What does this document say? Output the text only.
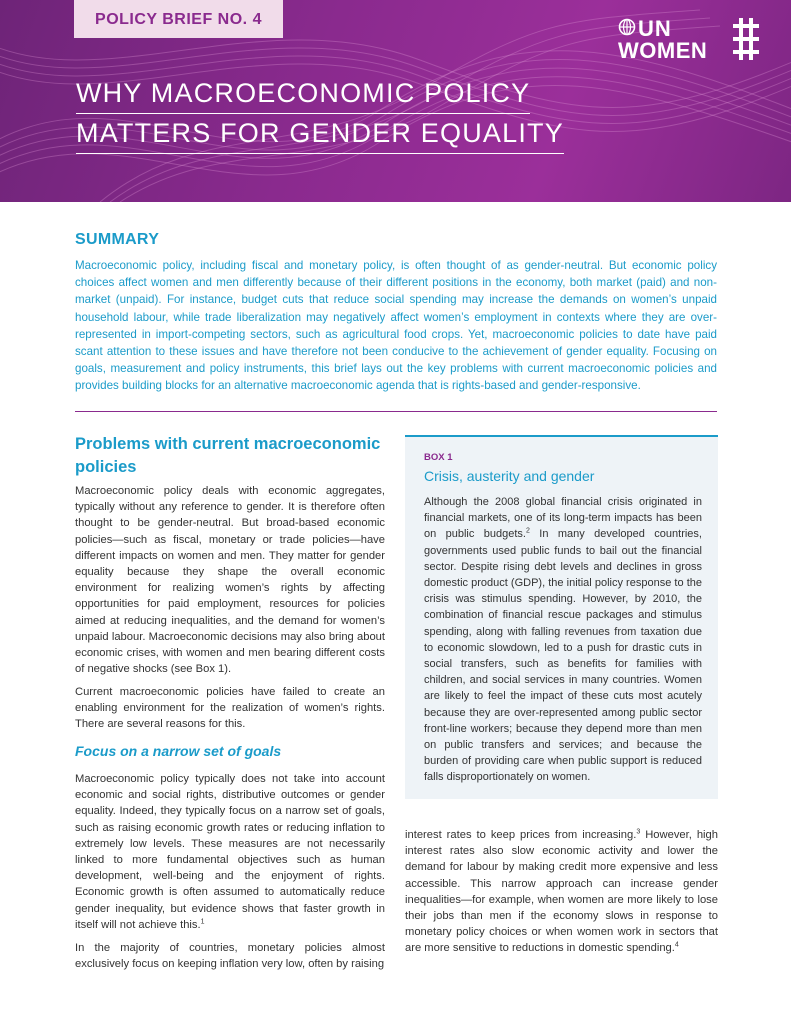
POLICY BRIEF NO. 4	UN
WOMEN
WHY MACROECONOMIC POLICY
MATTERS FOR GENDER EQUALITY
SUMMARY

Macroeconomic policy, including fiscal and monetary policy, is often thought of as gender-neutral. But economic policy choices affect women and men differently because of their different positions in the economy, both market (paid) and non-market (unpaid). For instance, budget cuts that reduce social spending may increase the demands on women’s unpaid household labour, while trade liberalization may negatively affect women’s employment in contexts where they are over-represented in import-competing sectors, such as agricultural food crops. Yet, macroeconomic policies to date have paid scant attention to these issues and have therefore not been conducive to the achievement of gender equality. Focusing on goals, measurement and policy instruments, this brief lays out the key problems with current macroeconomic policies and provides building blocks for an alternative macroeconomic agenda that is rights-based and gender-responsive.

Problems with current macroeconomic policies

Macroeconomic policy deals with economic aggregates, typically without any reference to gender. It is therefore often thought to be gender-neutral. But broad-based economic policies—such as fiscal, monetary or trade policies—have different impacts on women and men. They matter for gender equality because they shape the overall economic environment for realizing women’s rights by affecting opportunities for paid employment, resources for policies aimed at reducing inequalities, and the demand for women’s unpaid labour. Macroeconomic decisions may also bring about economic crises, with women and men bearing different costs of negative shocks (see Box 1).

Current macroeconomic policies have failed to create an enabling environment for the realization of women’s rights. There are several reasons for this.

Focus on a narrow set of goals

Macroeconomic policy typically does not take into account economic and social rights, distributive outcomes or gender equality. Indeed, they typically focus on a narrow set of goals, such as raising economic growth rates or reducing inflation to extremely low levels. These measures are not necessarily linked to more fundamental objectives such as human development, well-being and the enjoyment of rights. Economic growth is often assumed to automatically reduce gender inequality, but evidence shows that faster growth in itself will not achieve this.$^1$

In the majority of countries, monetary policies almost exclusively focus on keeping inflation very low, often by raising

BOX 1

Crisis, austerity and gender

Although the 2008 global financial crisis originated in financial markets, one of its long-term impacts has been on public budgets.$^2$ In many developed countries, governments used public funds to bail out the financial sector. Despite rising debt levels and declines in gross domestic product (GDP), the initial policy response to the crisis was stimulus spending. However, by 2010, the combination of financial rescue packages and stimulus spending, along with falling revenues from taxation due to economic slowdown, led to a push for drastic cuts in social transfers, such as benefits for families with children, and social services in many countries. Women are likely to feel the impact of these cuts most acutely because they are over-represented among public sector front-line workers; because they depend more than men on public transfers and services; and because the burden of providing care when public support is reduced falls disproportionately on women.

interest rates to keep prices from increasing.$^3$ However, high interest rates also slow economic activity and lower the demand for labour by making credit more expensive and less accessible. This narrow approach can increase gender inequalities—for example, when women are more likely to lose their jobs than men if the economy slows in response to monetary policy choices or when women work in sectors that are more sensitive to reductions in domestic spending.$^4$
